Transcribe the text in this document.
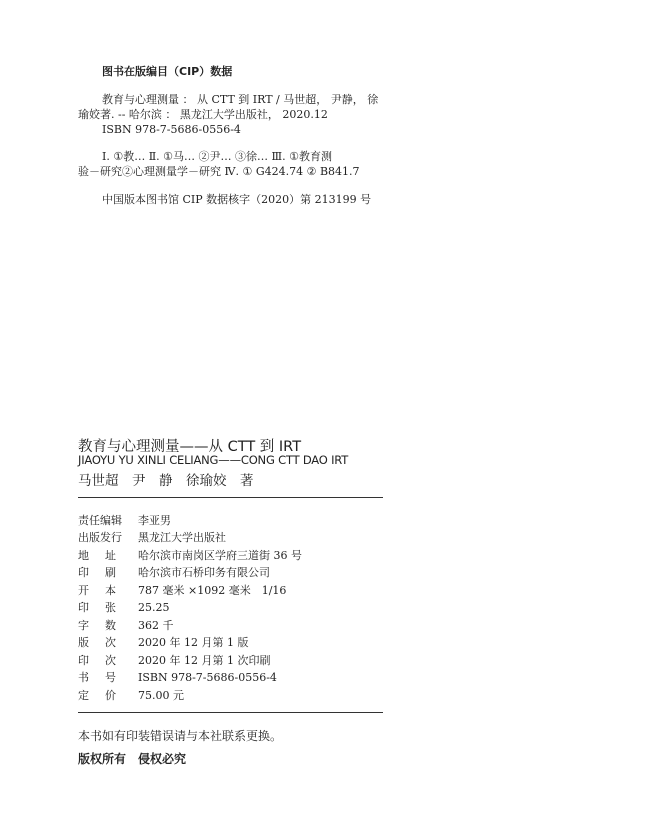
图书在版编目（CIP）数据
教育与心理测量 ： 从 CTT 到 IRT / 马世超， 尹静， 徐
瑜姣著. -- 哈尔滨 ： 黑龙江大学出版社， 2020.12
ISBN 978-7-5686-0556-4
Ⅰ. ①教… Ⅱ. ①马… ②尹… ③徐… Ⅲ. ①教育测
验－研究②心理测量学－研究 Ⅳ. ① G424.74 ② B841.7
中国版本图书馆 CIP 数据核字（2020）第 213199 号
教育与心理测量——从 CTT 到 IRT
JIAOYU YU XINLI CELIANG——CONG CTT DAO IRT
马世超　尹　静　徐瑜姣　著
责任编辑	李亚男
出版发行	黑龙江大学出版社
地 址 哈尔滨市南岗区学府三道街 36 号
印 刷 哈尔滨市石桥印务有限公司
开 本 787 毫米 ×1092 毫米　1/16
印 张 25.25
字 数 362 千
版 次 2020 年 12 月第 1 版
印 次 2020 年 12 月第 1 次印刷
书 号 ISBN 978-7-5686-0556-4
定 价 75.00 元
本书如有印装错误请与本社联系更换。
版权所有　侵权必究
